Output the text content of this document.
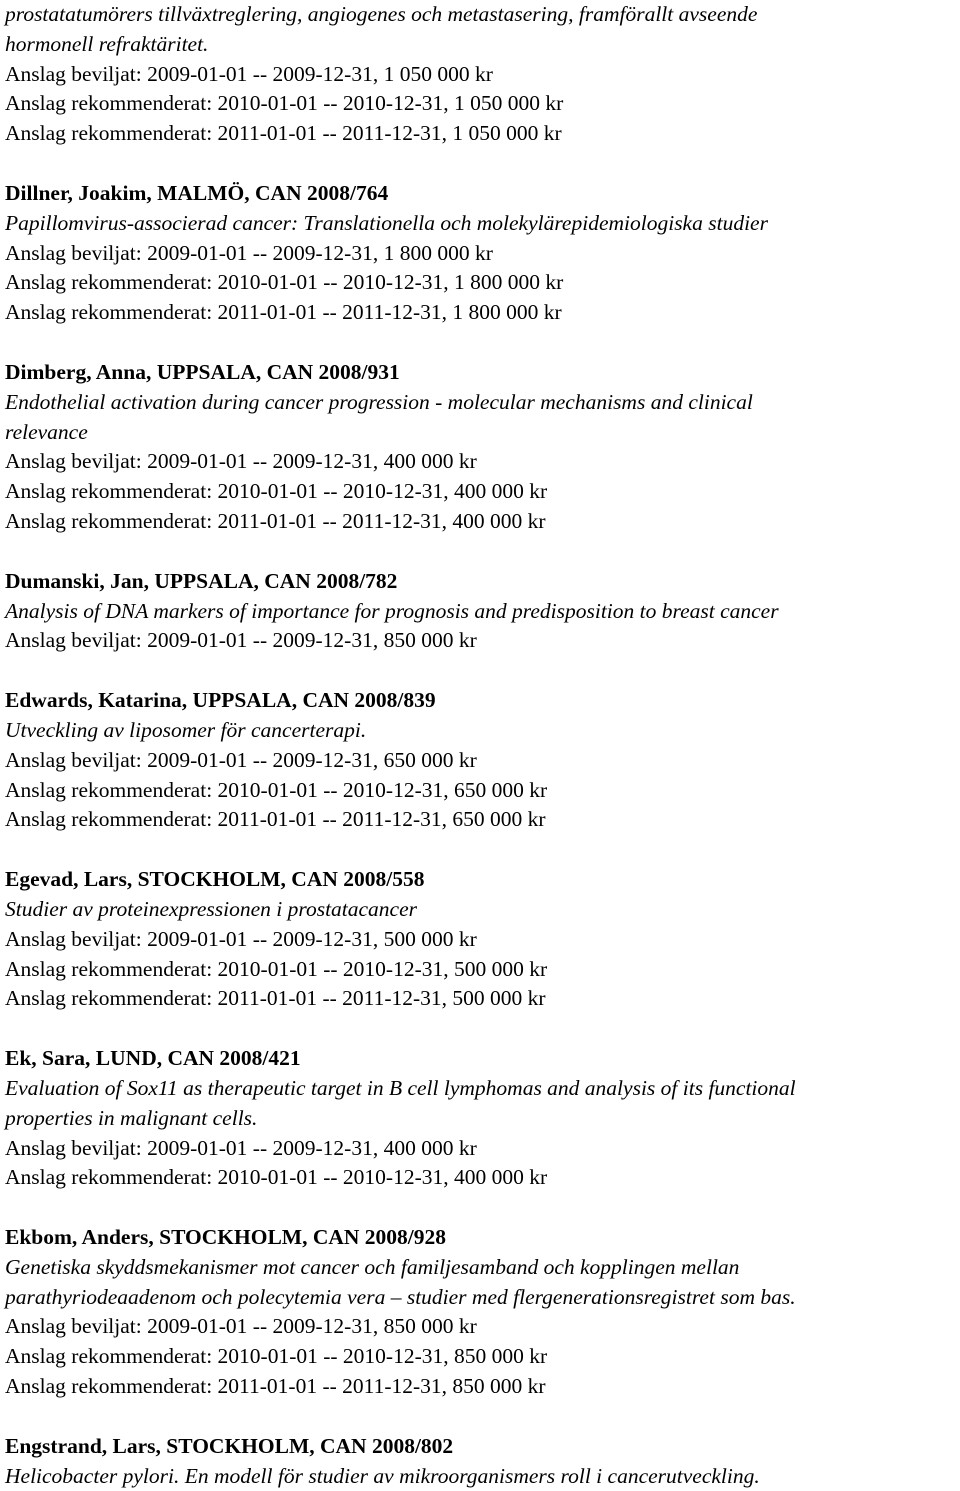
prostatatumörers tillväxtreglering, angiogenes och metastasering, framförallt avseende
hormonell refraktäritet.
Anslag beviljat: 2009-01-01 -- 2009-12-31, 1 050 000 kr
Anslag rekommenderat: 2010-01-01 -- 2010-12-31, 1 050 000 kr
Anslag rekommenderat: 2011-01-01 -- 2011-12-31, 1 050 000 kr
Dillner, Joakim, MALMÖ, CAN 2008/764
Papillomvirus-associerad cancer: Translationella och molekylärepidemiologiska studier
Anslag beviljat: 2009-01-01 -- 2009-12-31, 1 800 000 kr
Anslag rekommenderat: 2010-01-01 -- 2010-12-31, 1 800 000 kr
Anslag rekommenderat: 2011-01-01 -- 2011-12-31, 1 800 000 kr
Dimberg, Anna, UPPSALA, CAN 2008/931
Endothelial activation during cancer progression - molecular mechanisms and clinical
relevance
Anslag beviljat: 2009-01-01 -- 2009-12-31, 400 000 kr
Anslag rekommenderat: 2010-01-01 -- 2010-12-31, 400 000 kr
Anslag rekommenderat: 2011-01-01 -- 2011-12-31, 400 000 kr
Dumanski, Jan, UPPSALA, CAN 2008/782
Analysis of DNA markers of importance for prognosis and predisposition to breast cancer
Anslag beviljat: 2009-01-01 -- 2009-12-31, 850 000 kr
Edwards, Katarina, UPPSALA, CAN 2008/839
Utveckling av liposomer för cancerterapi.
Anslag beviljat: 2009-01-01 -- 2009-12-31, 650 000 kr
Anslag rekommenderat: 2010-01-01 -- 2010-12-31, 650 000 kr
Anslag rekommenderat: 2011-01-01 -- 2011-12-31, 650 000 kr
Egevad, Lars, STOCKHOLM, CAN 2008/558
Studier av proteinexpressionen i prostatacancer
Anslag beviljat: 2009-01-01 -- 2009-12-31, 500 000 kr
Anslag rekommenderat: 2010-01-01 -- 2010-12-31, 500 000 kr
Anslag rekommenderat: 2011-01-01 -- 2011-12-31, 500 000 kr
Ek, Sara, LUND, CAN 2008/421
Evaluation of Sox11 as therapeutic target in B cell lymphomas and analysis of its functional
properties in malignant cells.
Anslag beviljat: 2009-01-01 -- 2009-12-31, 400 000 kr
Anslag rekommenderat: 2010-01-01 -- 2010-12-31, 400 000 kr
Ekbom, Anders, STOCKHOLM, CAN 2008/928
Genetiska skyddsmekanismer mot cancer och familjesamband och kopplingen mellan
parathyriodeaadenom och polecytemia vera – studier med flergenerationsregistret som bas.
Anslag beviljat: 2009-01-01 -- 2009-12-31, 850 000 kr
Anslag rekommenderat: 2010-01-01 -- 2010-12-31, 850 000 kr
Anslag rekommenderat: 2011-01-01 -- 2011-12-31, 850 000 kr
Engstrand, Lars, STOCKHOLM, CAN 2008/802
Helicobacter pylori. En modell för studier av mikroorganismers roll i cancerutveckling.
